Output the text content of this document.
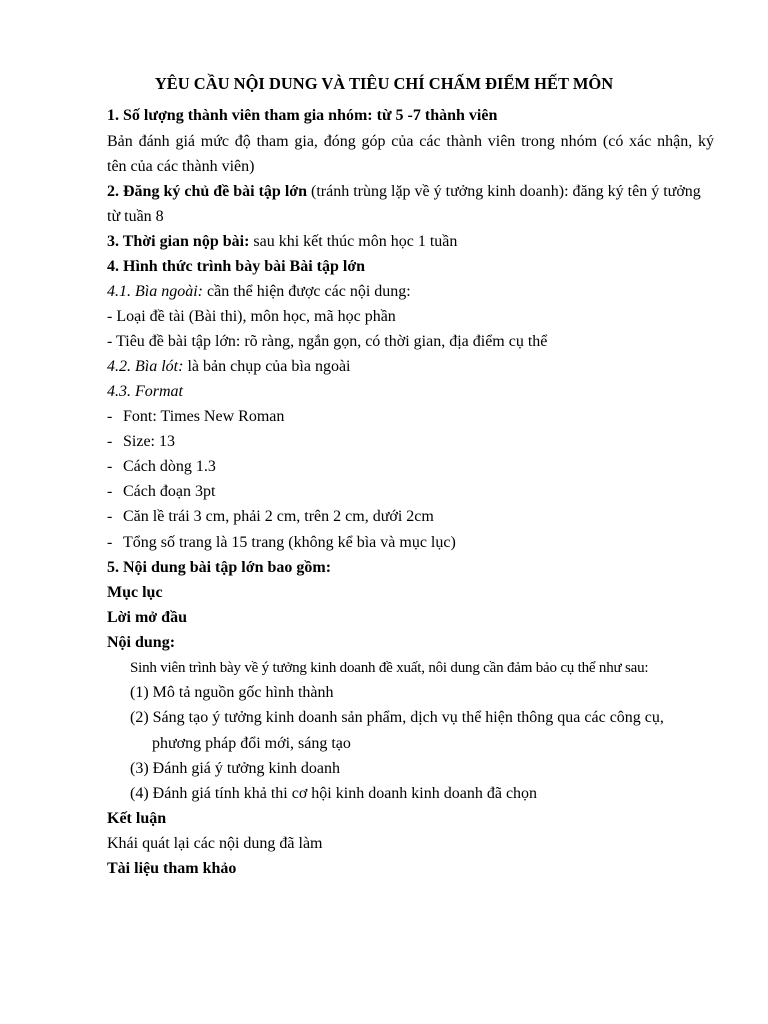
YÊU CẦU NỘI DUNG VÀ TIÊU CHÍ CHẤM ĐIỂM HẾT MÔN
1. Số lượng thành viên tham gia nhóm: từ 5 -7 thành viên
Bản đánh giá mức độ tham gia, đóng góp của các thành viên trong nhóm (có xác nhận, ký
tên của các thành viên)
2. Đăng ký chủ đề bài tập lớn (tránh trùng lặp về ý tưởng kinh doanh): đăng ký tên ý tưởng
từ tuần 8
3. Thời gian nộp bài: sau khi kết thúc môn học 1 tuần
4. Hình thức trình bày bài Bài tập lớn
4.1. Bìa ngoài: cần thể hiện được các nội dung:
- Loại đề tài (Bài thi), môn học, mã học phần
- Tiêu đề bài tập lớn: rõ ràng, ngắn gọn, có thời gian, địa điểm cụ thể
4.2. Bìa lót: là bản chụp của bìa ngoài
4.3. Format
- Font: Times New Roman
- Size: 13
- Cách dòng 1.3
- Cách đoạn 3pt
- Căn lề trái 3 cm, phải 2 cm, trên 2 cm, dưới 2cm
- Tổng số trang là 15 trang (không kể bìa và mục lục)
5. Nội dung bài tập lớn bao gồm:
Mục lục
Lời mở đầu
Nội dung:
Sinh viên trình bày về ý tưởng kinh doanh đề xuất, nôi dung cần đảm bảo cụ thể như sau:
(1) Mô tả nguồn gốc hình thành
(2) Sáng tạo ý tưởng kinh doanh sản phẩm, dịch vụ thể hiện thông qua các công cụ,
phương pháp đổi mới, sáng tạo
(3) Đánh giá ý tưởng kinh doanh
(4) Đánh giá tính khả thi cơ hội kinh doanh kinh doanh đã chọn
Kết luận
Khái quát lại các nội dung đã làm
Tài liệu tham khảo
